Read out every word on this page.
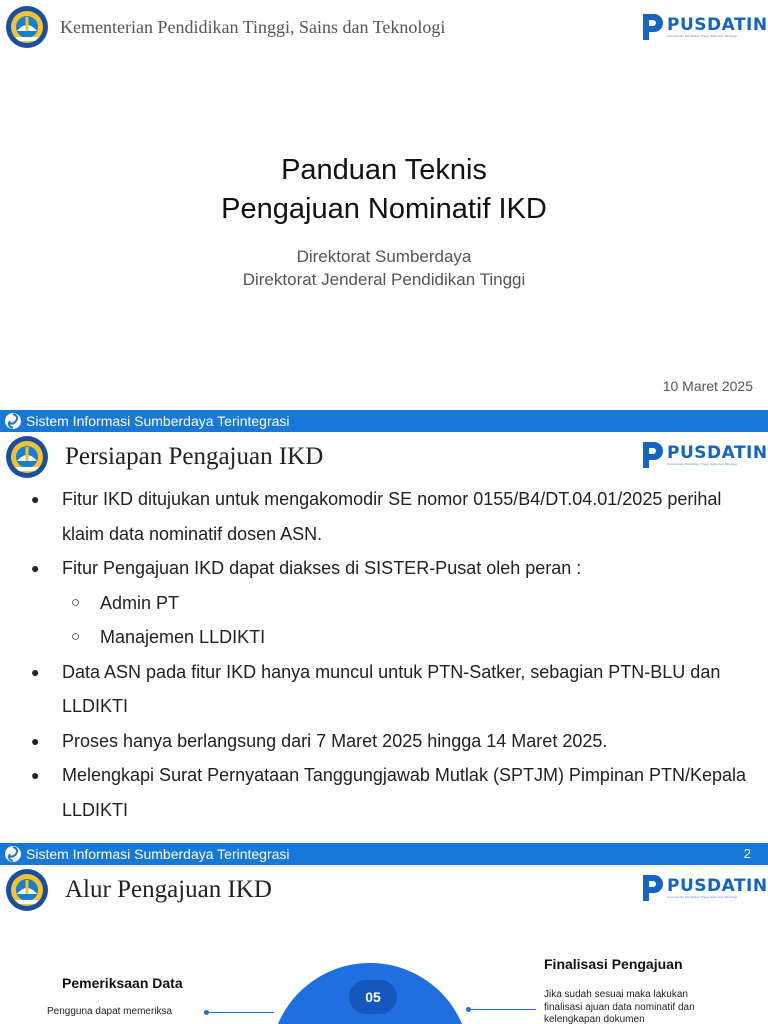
Kementerian Pendidikan Tinggi, Sains dan Teknologi	PUSDATIN
Kementerian Pendidikan Tinggi, Sains dan Teknologi
Panduan Teknis
Pengajuan Nominatif IKD
Direktorat Sumberdaya
Direktorat Jenderal Pendidikan Tinggi
10 Maret 2025
Sistem Informasi Sumberdaya Terintegrasi
Persiapan Pengajuan IKD	PUSDATIN
Kementerian Pendidikan Tinggi, Sains dan Teknologi
●	Fitur IKD ditujukan untuk mengakomodir SE nomor 0155/B4/DT.04.01/2025 perihal klaim data nominatif dosen ASN.
●	Fitur Pengajuan IKD dapat diakses di SISTER-Pusat oleh peran :
○	Admin PT
○	Manajemen LLDIKTI
●	Data ASN pada fitur IKD hanya muncul untuk PTN-Satker, sebagian PTN-BLU dan LLDIKTI
●	Proses hanya berlangsung dari 7 Maret 2025 hingga 14 Maret 2025.
●	Melengkapi Surat Pernyataan Tanggungjawab Mutlak (SPTJM) Pimpinan PTN/Kepala LLDIKTI
Sistem Informasi Sumberdaya Terintegrasi	2
Alur Pengajuan IKD	PUSDATIN
Kementerian Pendidikan Tinggi, Sains dan Teknologi
05
Pemeriksaan Data
Pengguna dapat memeriksa
Finalisasi Pengajuan
Jika sudah sesuai maka lakukan
finalisasi ajuan data nominatif dan
kelengkapan dokumen
